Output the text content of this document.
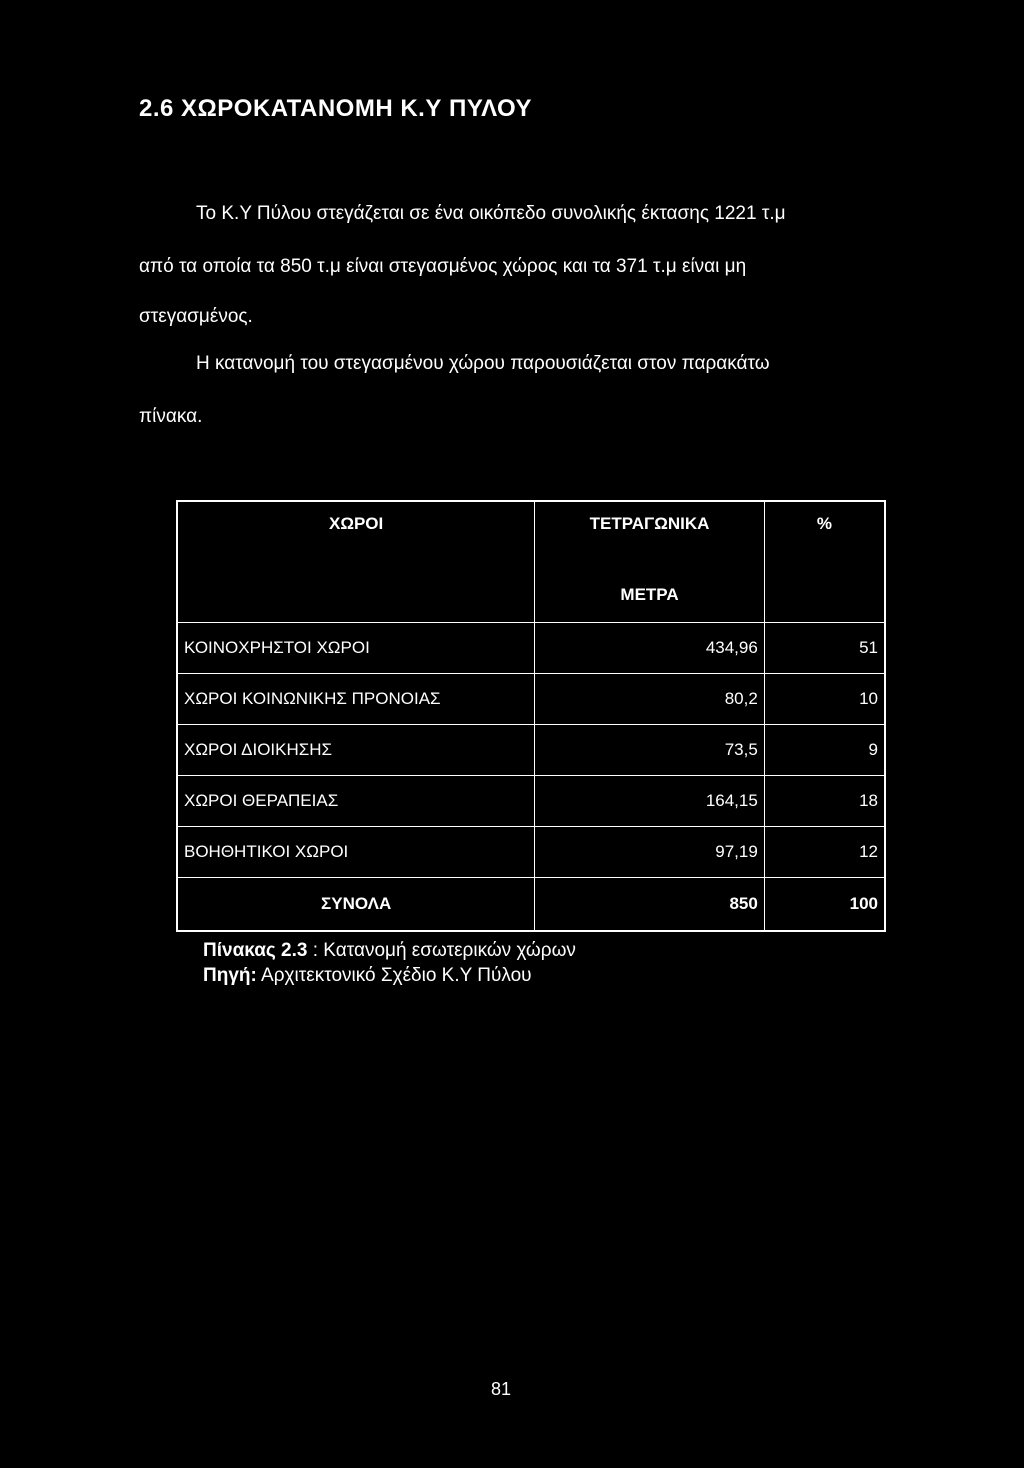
2.6 ΧΩΡΟΚΑΤΑΝΟΜΗ Κ.Υ ΠΥΛΟΥ

Το Κ.Υ Πύλου στεγάζεται σε ένα οικόπεδο συνολικής έκτασης 1221 τ.μ

από τα οποία τα 850 τ.μ είναι στεγασμένος χώρος και τα 371 τ.μ είναι μη

στεγασμένος.

Η κατανομή του στεγασμένου χώρου παρουσιάζεται στον παρακάτω

πίνακα.

ΧΩΡΟΙ	ΤΕΤΡΑΓΩΝΙΚΑ	%
	ΜΕΤΡΑ	
ΚΟΙΝΟΧΡΗΣΤΟΙ ΧΩΡΟΙ	434,96	51
ΧΩΡΟΙ ΚΟΙΝΩΝΙΚΗΣ ΠΡΟΝΟΙΑΣ	80,2	10
ΧΩΡΟΙ ΔΙΟΙΚΗΣΗΣ	73,5	9
ΧΩΡΟΙ ΘΕΡΑΠΕΙΑΣ	164,15	18
ΒΟΗΘΗΤΙΚΟΙ ΧΩΡΟΙ	97,19	12
ΣΥΝΟΛΑ	850	100

Πίνακας 2.3 : Κατανομή εσωτερικών χώρων
Πηγή: Αρχιτεκτονικό Σχέδιο Κ.Υ Πύλου

81
